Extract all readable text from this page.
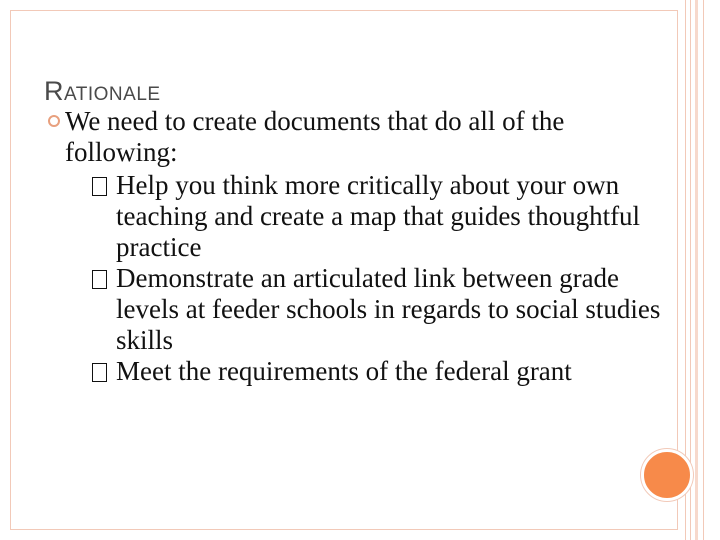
RATIONALE
We need to create documents that do all of the following:

Help you think more critically about your own teaching and create a map that guides thoughtful practice

Demonstrate an articulated link between grade levels at feeder schools in regards to social studies skills

Meet the requirements of the federal grant
